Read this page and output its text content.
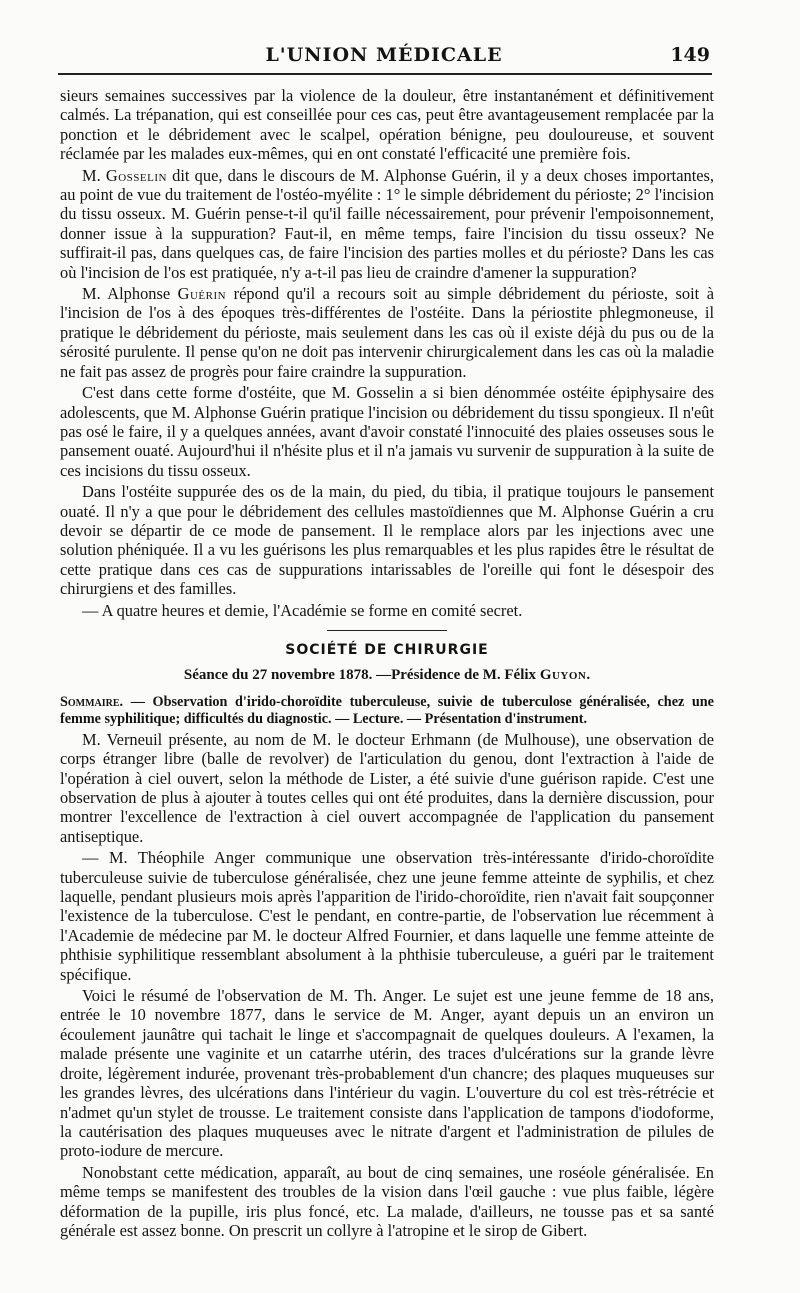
L'UNION MÉDICALE	149

sieurs semaines successives par la violence de la douleur, être instantanément et définitivement calmés. La trépanation, qui est conseillée pour ces cas, peut être avantageusement remplacée par la ponction et le débridement avec le scalpel, opération bénigne, peu douloureuse, et souvent réclamée par les malades eux-mêmes, qui en ont constaté l'efficacité une première fois.

M. Gosselin dit que, dans le discours de M. Alphonse Guérin, il y a deux choses importantes, au point de vue du traitement de l'ostéo-myélite : 1° le simple débridement du périoste; 2° l'incision du tissu osseux. M. Guérin pense-t-il qu'il faille nécessairement, pour prévenir l'empoisonnement, donner issue à la suppuration? Faut-il, en même temps, faire l'incision du tissu osseux? Ne suffirait-il pas, dans quelques cas, de faire l'incision des parties molles et du périoste? Dans les cas où l'incision de l'os est pratiquée, n'y a-t-il pas lieu de craindre d'amener la suppuration?

M. Alphonse Guérin répond qu'il a recours soit au simple débridement du périoste, soit à l'incision de l'os à des époques très-différentes de l'ostéite. Dans la périostite phlegmoneuse, il pratique le débridement du périoste, mais seulement dans les cas où il existe déjà du pus ou de la sérosité purulente. Il pense qu'on ne doit pas intervenir chirurgicalement dans les cas où la maladie ne fait pas assez de progrès pour faire craindre la suppuration.

C'est dans cette forme d'ostéite, que M. Gosselin a si bien dénommée ostéite épiphysaire des adolescents, que M. Alphonse Guérin pratique l'incision ou débridement du tissu spongieux. Il n'eût pas osé le faire, il y a quelques années, avant d'avoir constaté l'innocuité des plaies osseuses sous le pansement ouaté. Aujourd'hui il n'hésite plus et il n'a jamais vu survenir de suppuration à la suite de ces incisions du tissu osseux.

Dans l'ostéite suppurée des os de la main, du pied, du tibia, il pratique toujours le pansement ouaté. Il n'y a que pour le débridement des cellules mastoïdiennes que M. Alphonse Guérin a cru devoir se départir de ce mode de pansement. Il le remplace alors par les injections avec une solution phéniquée. Il a vu les guérisons les plus remarquables et les plus rapides être le résultat de cette pratique dans ces cas de suppurations intarissables de l'oreille qui font le désespoir des chirurgiens et des familles.

— A quatre heures et demie, l'Académie se forme en comité secret.

SOCIÉTÉ DE CHIRURGIE
Séance du 27 novembre 1878. —Présidence de M. Félix Guyon.

Sommaire. — Observation d'irido-choroïdite tuberculeuse, suivie de tuberculose généralisée, chez une femme syphilitique; difficultés du diagnostic. — Lecture. — Présentation d'instrument.

M. Verneuil présente, au nom de M. le docteur Erhmann (de Mulhouse), une observation de corps étranger libre (balle de revolver) de l'articulation du genou, dont l'extraction à l'aide de l'opération à ciel ouvert, selon la méthode de Lister, a été suivie d'une guérison rapide. C'est une observation de plus à ajouter à toutes celles qui ont été produites, dans la dernière discussion, pour montrer l'excellence de l'extraction à ciel ouvert accompagnée de l'application du pansement antiseptique.

— M. Théophile Anger communique une observation très-intéressante d'irido-choroïdite tuberculeuse suivie de tuberculose généralisée, chez une jeune femme atteinte de syphilis, et chez laquelle, pendant plusieurs mois après l'apparition de l'irido-choroïdite, rien n'avait fait soupçonner l'existence de la tuberculose. C'est le pendant, en contre-partie, de l'observation lue récemment à l'Academie de médecine par M. le docteur Alfred Fournier, et dans laquelle une femme atteinte de phthisie syphilitique ressemblant absolument à la phthisie tuberculeuse, a guéri par le traitement spécifique.

Voici le résumé de l'observation de M. Th. Anger. Le sujet est une jeune femme de 18 ans, entrée le 10 novembre 1877, dans le service de M. Anger, ayant depuis un an environ un écoulement jaunâtre qui tachait le linge et s'accompagnait de quelques douleurs. A l'examen, la malade présente une vaginite et un catarrhe utérin, des traces d'ulcérations sur la grande lèvre droite, légèrement indurée, provenant très-probablement d'un chancre; des plaques muqueuses sur les grandes lèvres, des ulcérations dans l'intérieur du vagin. L'ouverture du col est très-rétrécie et n'admet qu'un stylet de trousse. Le traitement consiste dans l'application de tampons d'iodoforme, la cautérisation des plaques muqueuses avec le nitrate d'argent et l'administration de pilules de proto-iodure de mercure.

Nonobstant cette médication, apparaît, au bout de cinq semaines, une roséole généralisée. En même temps se manifestent des troubles de la vision dans l'œil gauche : vue plus faible, légère déformation de la pupille, iris plus foncé, etc. La malade, d'ailleurs, ne tousse pas et sa santé générale est assez bonne. On prescrit un collyre à l'atropine et le sirop de Gibert.
